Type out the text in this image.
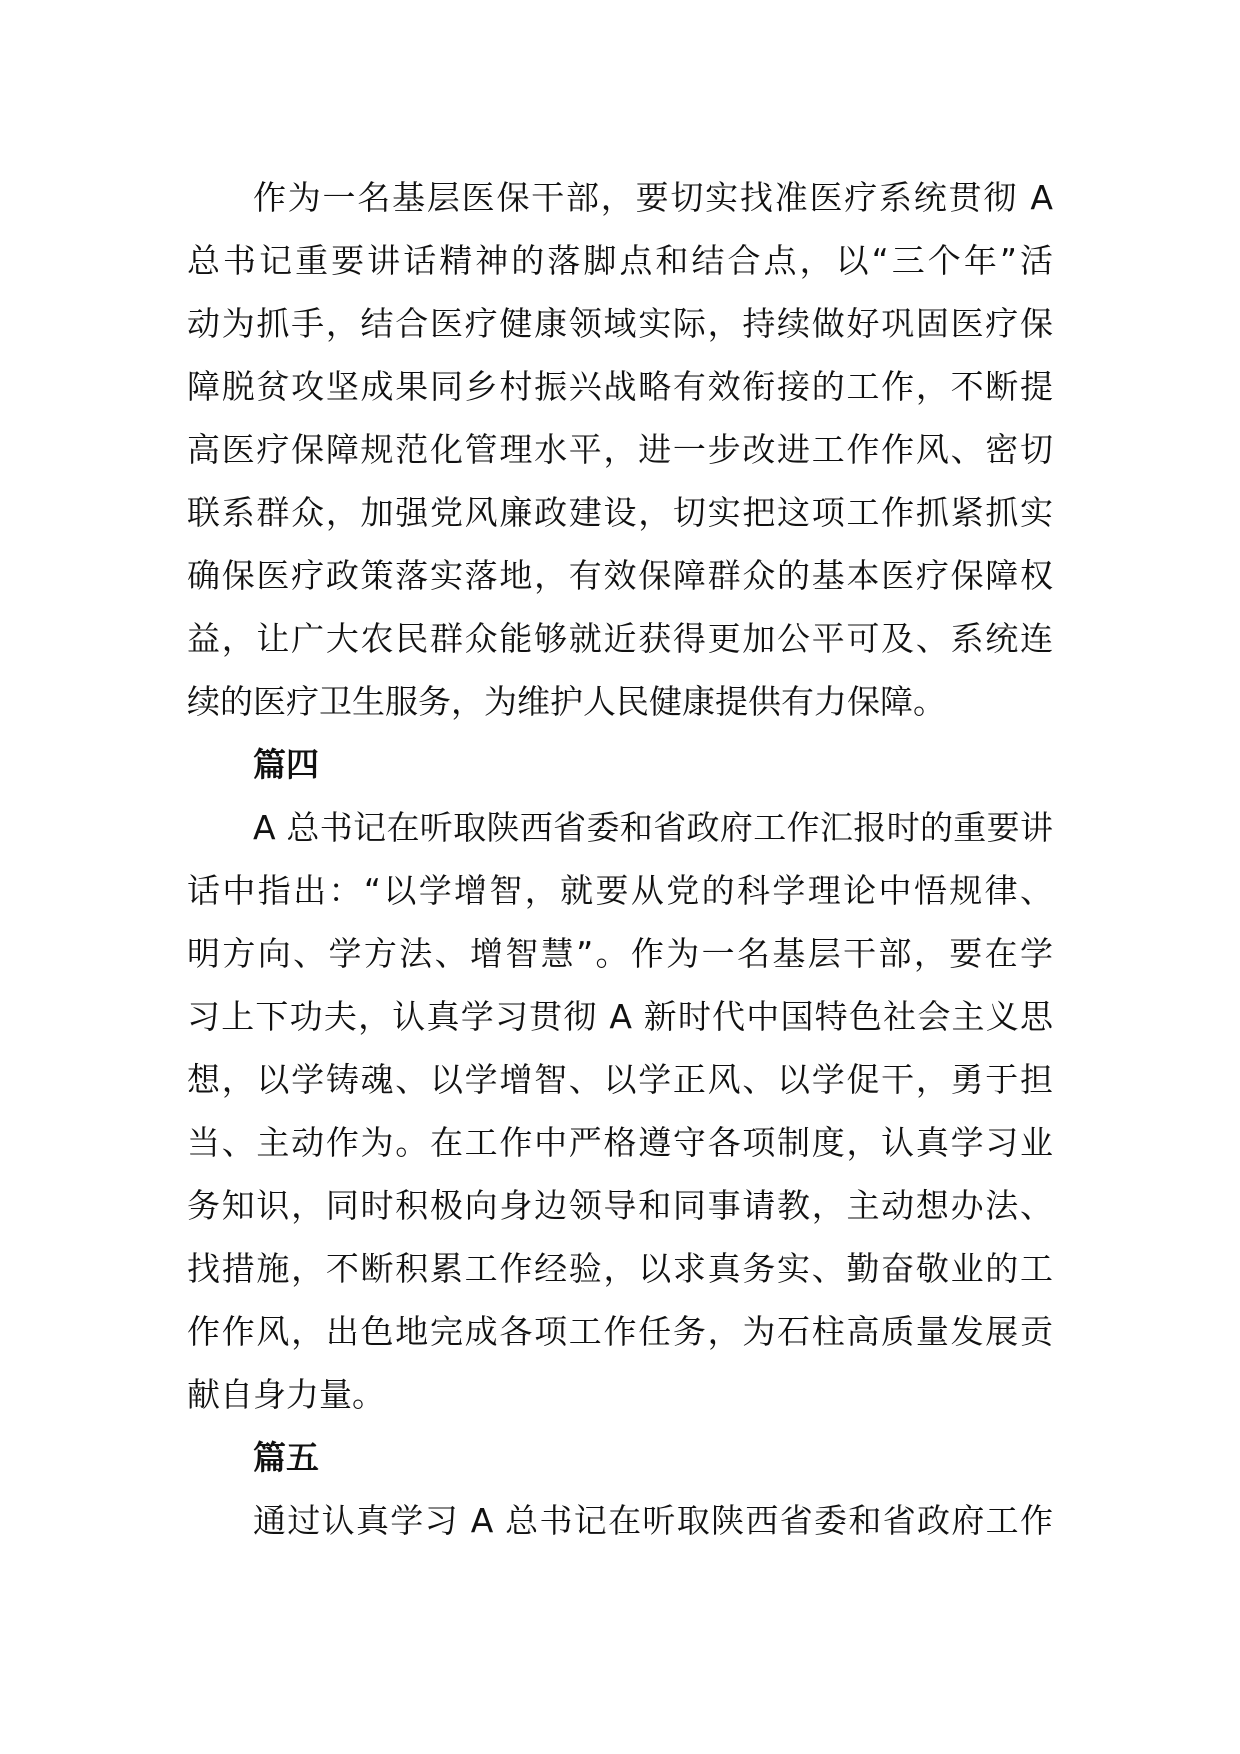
作为一名基层医保干部，要切实找准医疗系统贯彻 A
总书记重要讲话精神的落脚点和结合点，以“三个年”活
动为抓手，结合医疗健康领域实际，持续做好巩固医疗保
障脱贫攻坚成果同乡村振兴战略有效衔接的工作，不断提
高医疗保障规范化管理水平，进一步改进工作作风、密切
联系群众，加强党风廉政建设，切实把这项工作抓紧抓实
确保医疗政策落实落地，有效保障群众的基本医疗保障权
益，让广大农民群众能够就近获得更加公平可及、系统连
续的医疗卫生服务，为维护人民健康提供有力保障。

篇四

A 总书记在听取陕西省委和省政府工作汇报时的重要讲
话中指出：“以学增智，就要从党的科学理论中悟规律、
明方向、学方法、增智慧”。作为一名基层干部，要在学
习上下功夫，认真学习贯彻 A 新时代中国特色社会主义思
想，以学铸魂、以学增智、以学正风、以学促干，勇于担
当、主动作为。在工作中严格遵守各项制度，认真学习业
务知识，同时积极向身边领导和同事请教，主动想办法、
找措施，不断积累工作经验，以求真务实、勤奋敬业的工
作作风，出色地完成各项工作任务，为石柱高质量发展贡
献自身力量。

篇五

通过认真学习 A 总书记在听取陕西省委和省政府工作
